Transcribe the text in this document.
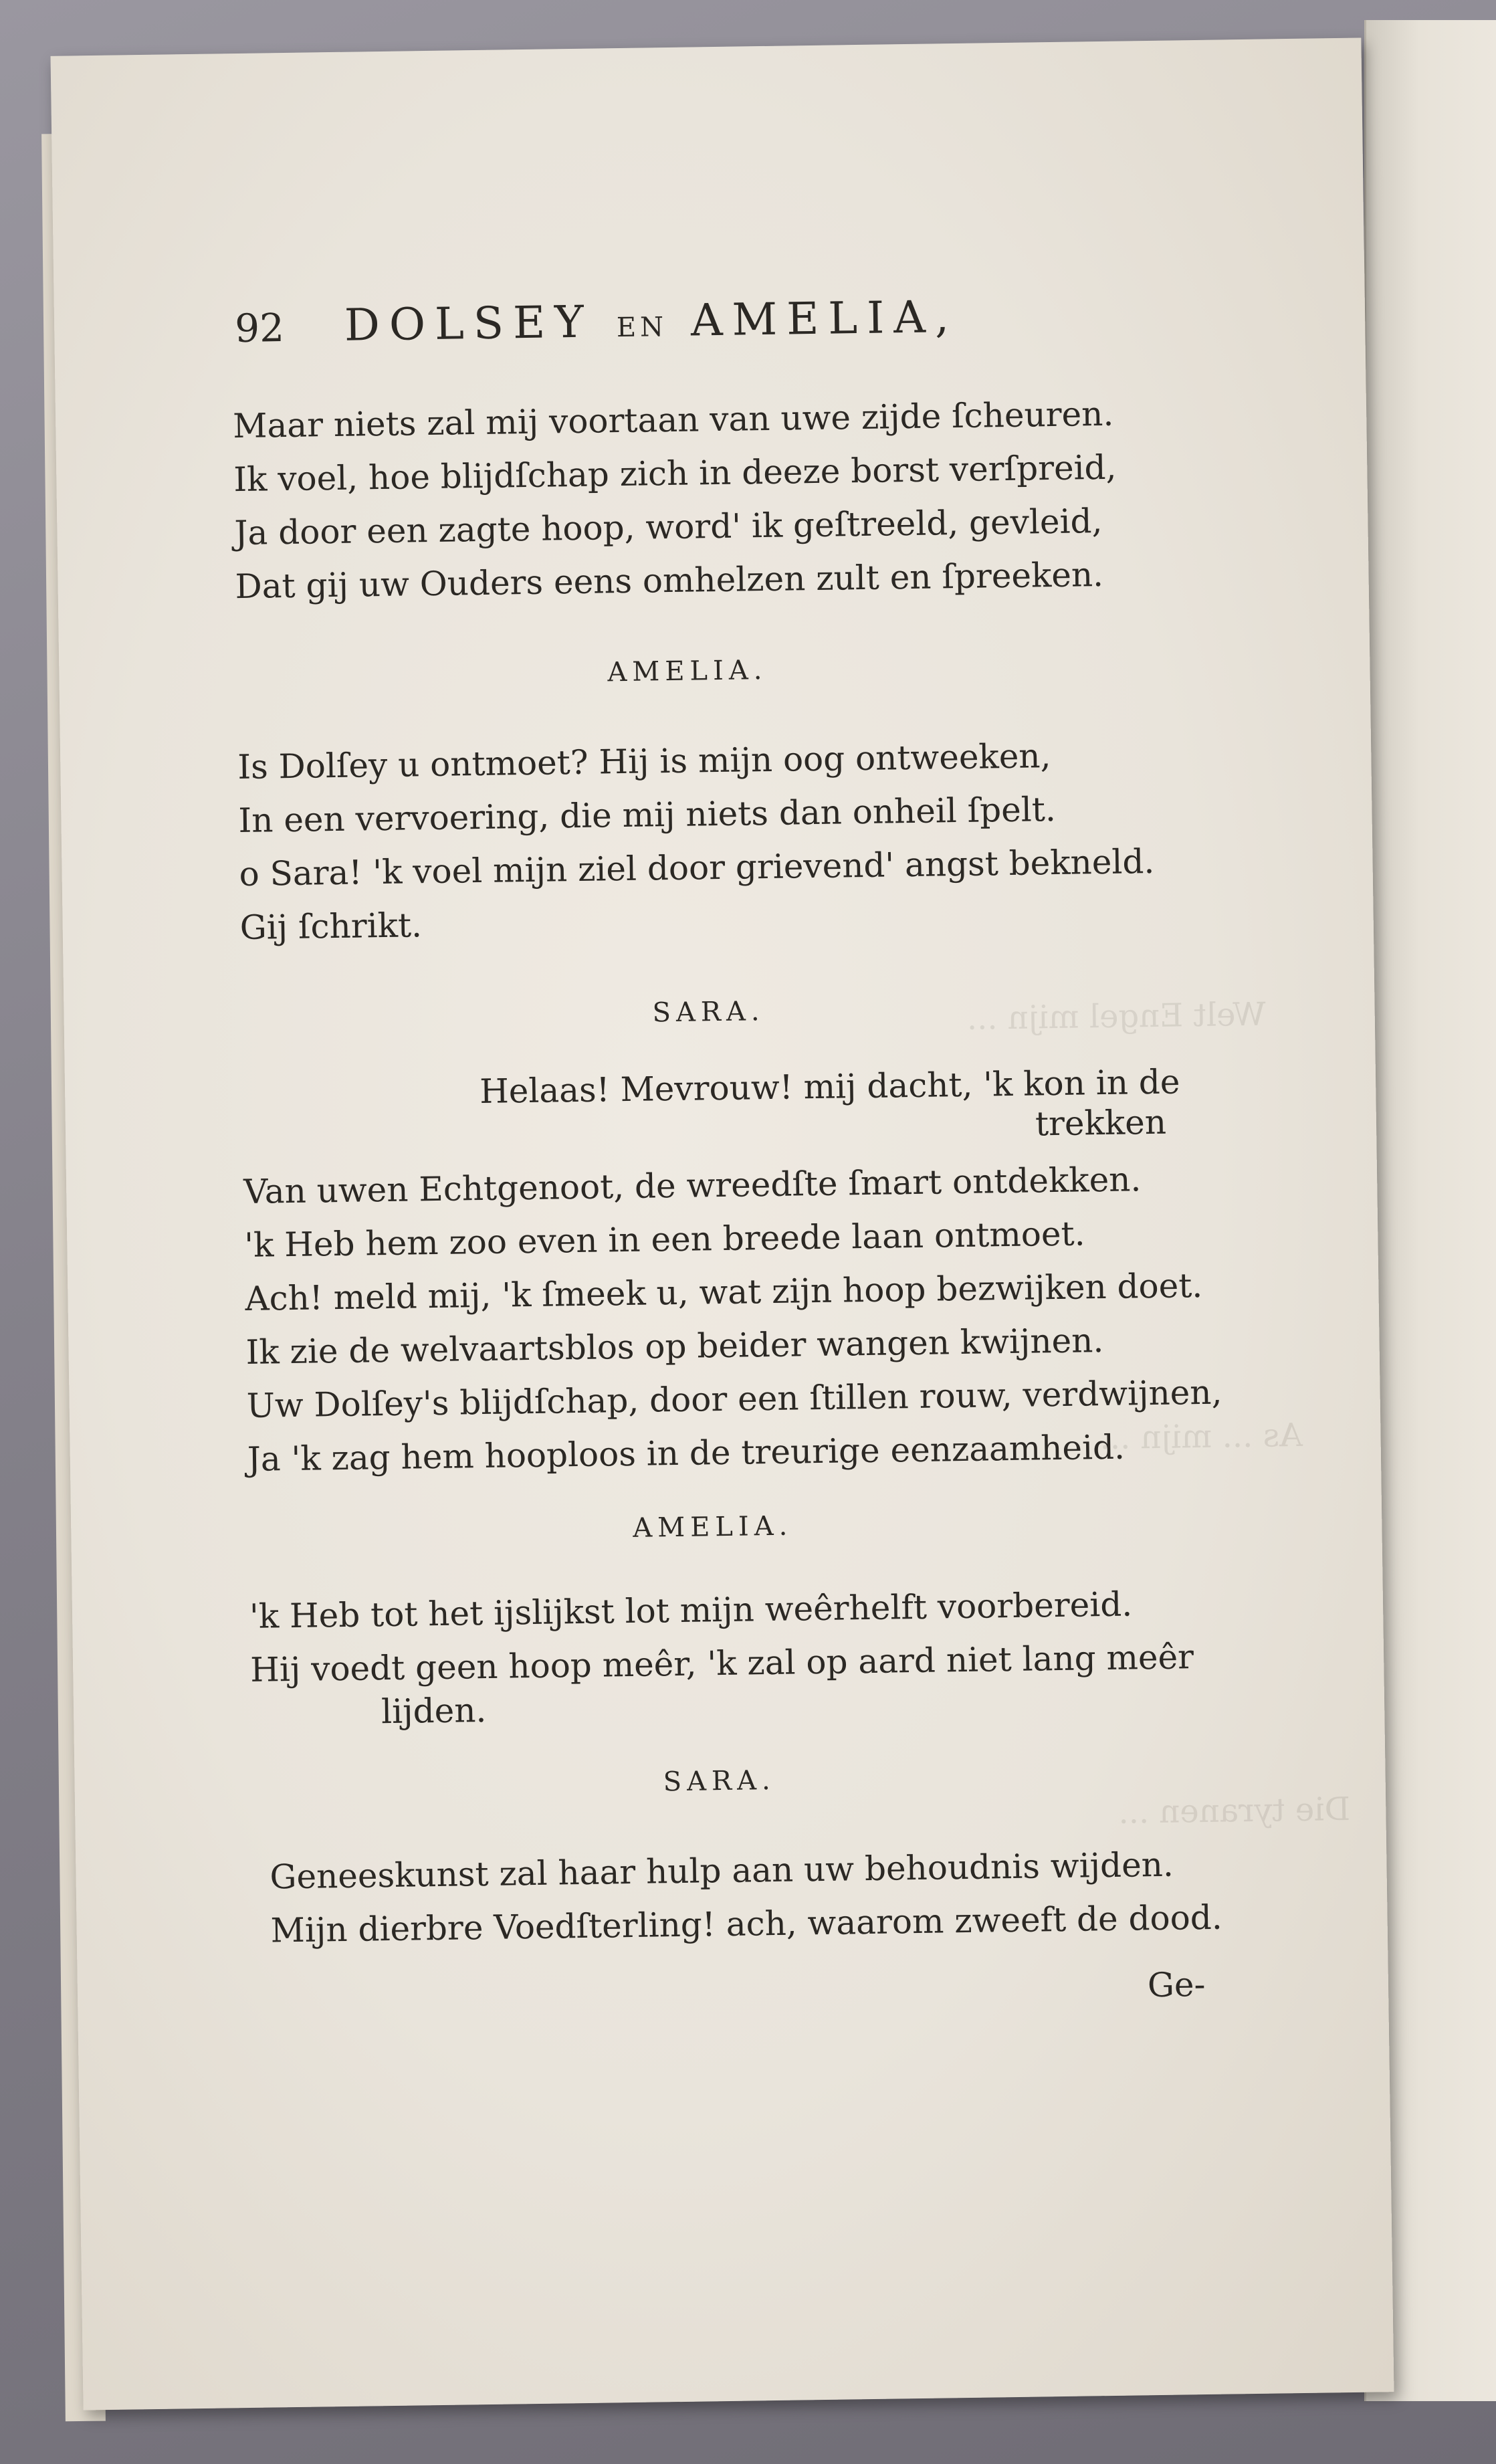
Welt Engel mijn ...
As ... mijn ...
Die tyranen ...
92 DOLSEY EN AMELIA,
Maar niets zal mij voortaan van uwe zijde ſcheuren.
Ik voel, hoe blijdſchap zich in deeze borst verſpreid,
Ja door een zagte hoop, word' ik geſtreeld, gevleid,
Dat gij uw Ouders eens omhelzen zult en ſpreeken.
AMELIA.
Is Dolſey u ontmoet? Hij is mijn oog ontweeken,
In een vervoering, die mij niets dan onheil ſpelt.
o Sara! 'k voel mijn ziel door grievend' angst bekneld.
Gij ſchrikt.
SARA.
Helaas! Mevrouw! mij dacht, 'k kon in de
trekken
Van uwen Echtgenoot, de wreedſte ſmart ontdekken.
'k Heb hem zoo even in een breede laan ontmoet.
Ach! meld mij, 'k ſmeek u, wat zijn hoop bezwijken doet.
Ik zie de welvaartsblos op beider wangen kwijnen.
Uw Dolſey's blijdſchap, door een ſtillen rouw, verdwijnen,
Ja 'k zag hem hooploos in de treurige eenzaamheid.
AMELIA.
'k Heb tot het ijslijkst lot mijn weêrhelft voorbereid.
Hij voedt geen hoop meêr, 'k zal op aard niet lang meêr
lijden.
SARA.
Geneeskunst zal haar hulp aan uw behoudnis wijden.
Mijn dierbre Voedſterling! ach, waarom zweeft de dood.
Ge-
